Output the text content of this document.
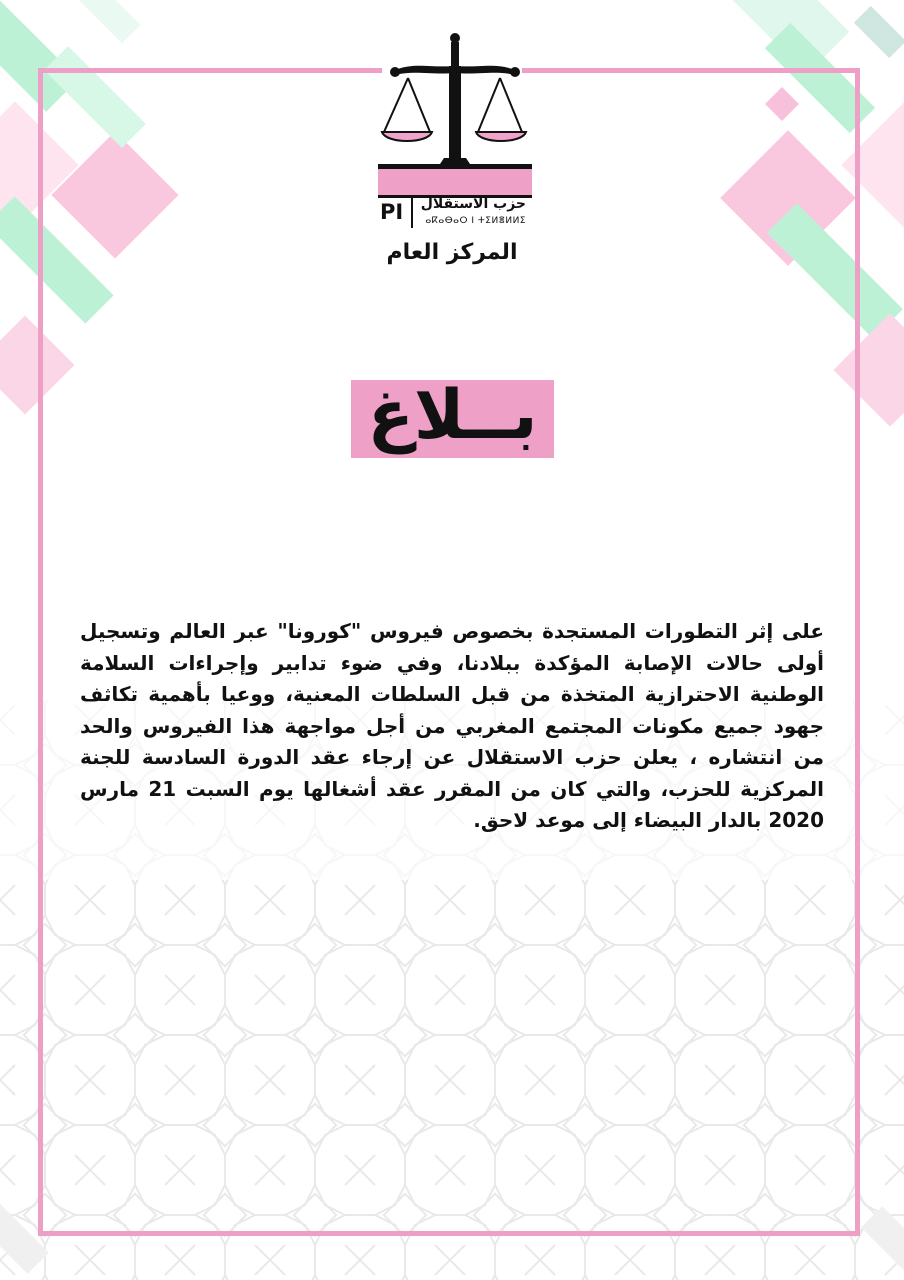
PI	حزب الاستقلال
ⴰⴽⴰⴱⴰⵔ ⵏ ⵜⵉⵍⴻⵍⵍⵉ
المركز العام
بــلاغ
على إثر التطورات المستجدة بخصوص فيروس "كورونا" عبر العالم وتسجيل أولى حالات الإصابة المؤكدة ببلادنا، وفي ضوء تدابير وإجراءات السلامة الوطنية الاحترازية المتخذة من قبل السلطات المعنية، ووعيا بأهمية تكاثف جهود جميع مكونات المجتمع المغربي من أجل مواجهة هذا الفيروس والحد من انتشاره ، يعلن حزب الاستقلال عن إرجاء عقد الدورة السادسة للجنة المركزية للحزب، والتي كان من المقرر عقد أشغالها يوم السبت 21 مارس 2020 بالدار البيضاء إلى موعد لاحق.
